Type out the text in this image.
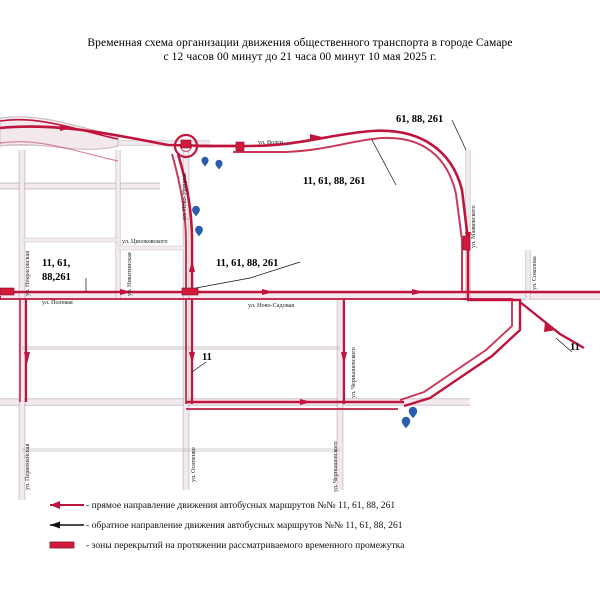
Временная схема организации движения общественного транспорта в городе Самаре
с 12 часов 00 минут до 21 часа 00 минут 10 мая 2025 г.
ул. Некрасовская	ул. Никитинская
ул. Циолковского
ул. Ново-Садовая
ул. Ново-Урицкая
ул. Волги
ул. Первомайская	ул. Осипенко	ул. Чернышевского
ул. Соколова
ул. Полевая
ул. Чернышевского
ул. Маяковского
61, 88, 261
11, 61, 88, 261
11, 61, 88, 261
11, 61,
88,261
11
11
- прямое направление движения автобусных маршрутов №№ 11, 61, 88, 261
- обратное направление движения автобусных маршрутов №№ 11, 61, 88, 261
- зоны перекрытий на протяжении рассматриваемого временного промежутка
